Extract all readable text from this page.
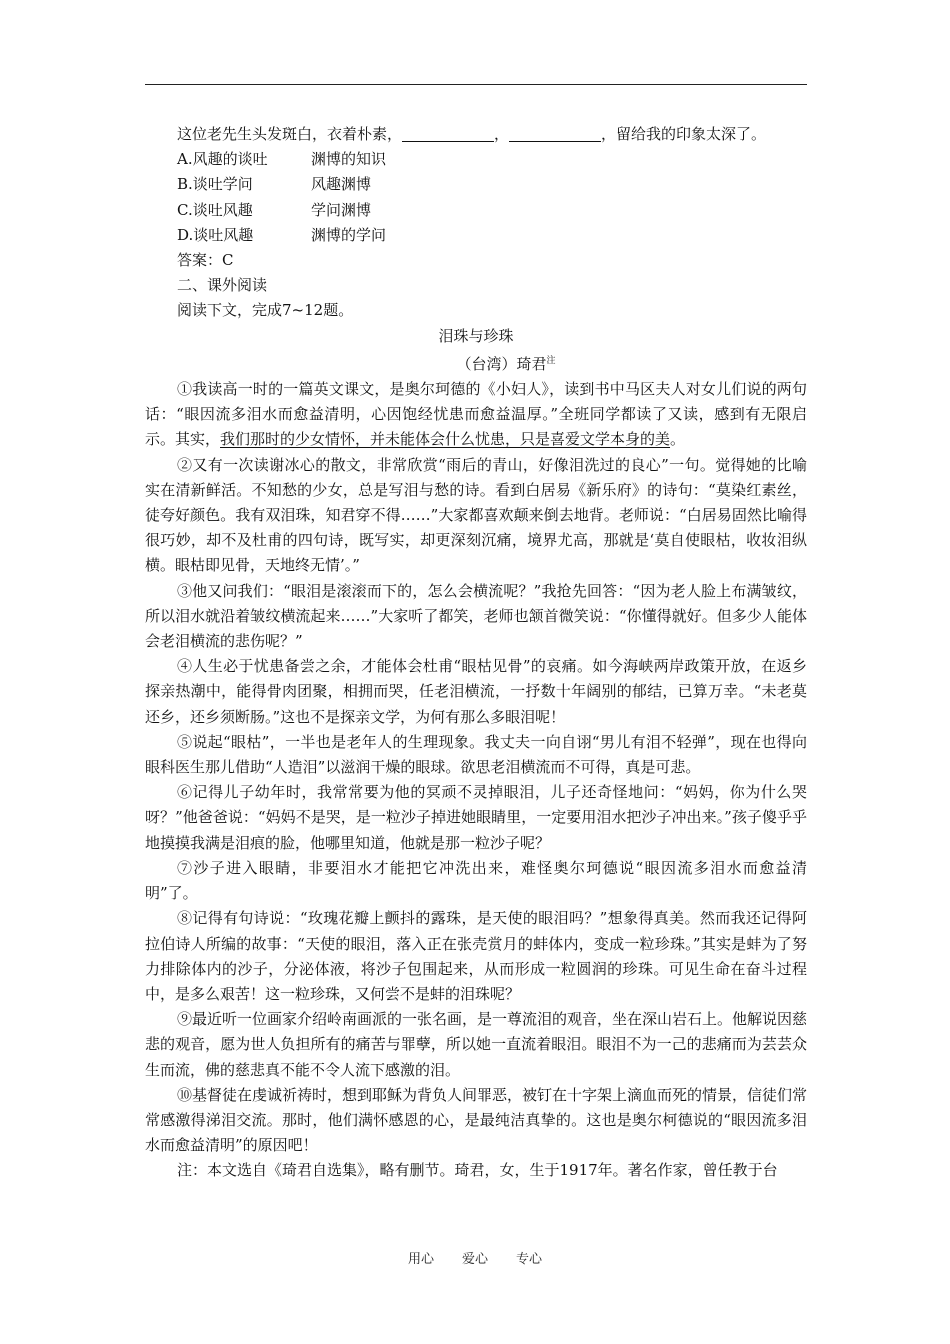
这位老先生头发斑白，衣着朴素，	，	，留给我的印象太深了。

A.风趣的谈吐	渊博的知识

B.谈吐学问	风趣渊博

C.谈吐风趣	学问渊博

D.谈吐风趣	渊博的学问

答案：C

二、课外阅读

阅读下文，完成7~12题。

泪珠与珍珠

（台湾）琦君$^注$

①我读高一时的一篇英文课文，是奥尔珂德的《小妇人》，读到书中马区夫人对女儿们说的两句话：“眼因流多泪水而愈益清明，心因饱经忧患而愈益温厚。”全班同学都读了又读，感到有无限启示。其实，我们那时的少女情怀，并未能体会什么忧患，只是喜爱文学本身的美。

②又有一次读谢冰心的散文，非常欣赏“雨后的青山，好像泪洗过的良心”一句。觉得她的比喻实在清新鲜活。不知愁的少女，总是写泪与愁的诗。看到白居易《新乐府》的诗句：“莫染红素丝，徒夸好颜色。我有双泪珠，知君穿不得……”大家都喜欢颠来倒去地背。老师说：“白居易固然比喻得很巧妙，却不及杜甫的四句诗，既写实，却更深刻沉痛，境界尤高，那就是‘莫自使眼枯，收妆泪纵横。眼枯即见骨，天地终无情’。”

③他又问我们：“眼泪是滚滚而下的，怎么会横流呢？”我抢先回答：“因为老人脸上布满皱纹，所以泪水就沿着皱纹横流起来……”大家听了都笑，老师也颔首微笑说：“你懂得就好。但多少人能体会老泪横流的悲伤呢？”

④人生必于忧患备尝之余，才能体会杜甫“眼枯见骨”的哀痛。如今海峡两岸政策开放，在返乡探亲热潮中，能得骨肉团聚，相拥而哭，任老泪横流，一抒数十年阔别的郁结，已算万幸。“未老莫还乡，还乡须断肠。”这也不是探亲文学，为何有那么多眼泪呢！

⑤说起“眼枯”，一半也是老年人的生理现象。我丈夫一向自诩“男儿有泪不轻弹”，现在也得向眼科医生那儿借助“人造泪”以滋润干燥的眼球。欲思老泪横流而不可得，真是可悲。

⑥记得儿子幼年时，我常常要为他的冥顽不灵掉眼泪，儿子还奇怪地问：“妈妈，你为什么哭呀？”他爸爸说：“妈妈不是哭，是一粒沙子掉进她眼睛里，一定要用泪水把沙子冲出来。”孩子傻乎乎地摸摸我满是泪痕的脸，他哪里知道，他就是那一粒沙子呢？

⑦沙子进入眼睛，非要泪水才能把它冲洗出来，难怪奥尔珂德说“眼因流多泪水而愈益清明”了。

⑧记得有句诗说：“玫瑰花瓣上颤抖的露珠，是天使的眼泪吗？”想象得真美。然而我还记得阿拉伯诗人所编的故事：“天使的眼泪，落入正在张壳赏月的蚌体内，变成一粒珍珠。”其实是蚌为了努力排除体内的沙子，分泌体液，将沙子包围起来，从而形成一粒圆润的珍珠。可见生命在奋斗过程中，是多么艰苦！这一粒珍珠，又何尝不是蚌的泪珠呢？

⑨最近听一位画家介绍岭南画派的一张名画，是一尊流泪的观音，坐在深山岩石上。他解说因慈悲的观音，愿为世人负担所有的痛苦与罪孽，所以她一直流着眼泪。眼泪不为一己的悲痛而为芸芸众生而流，佛的慈悲真不能不令人流下感激的泪。

⑩基督徒在虔诚祈祷时，想到耶稣为背负人间罪恶，被钉在十字架上滴血而死的情景，信徒们常常感激得涕泪交流。那时，他们满怀感恩的心，是最纯洁真挚的。这也是奥尔柯德说的“眼因流多泪水而愈益清明”的原因吧！

注：本文选自《琦君自选集》，略有删节。琦君，女，生于1917年。著名作家，曾任教于台

用心 爱心 专心
